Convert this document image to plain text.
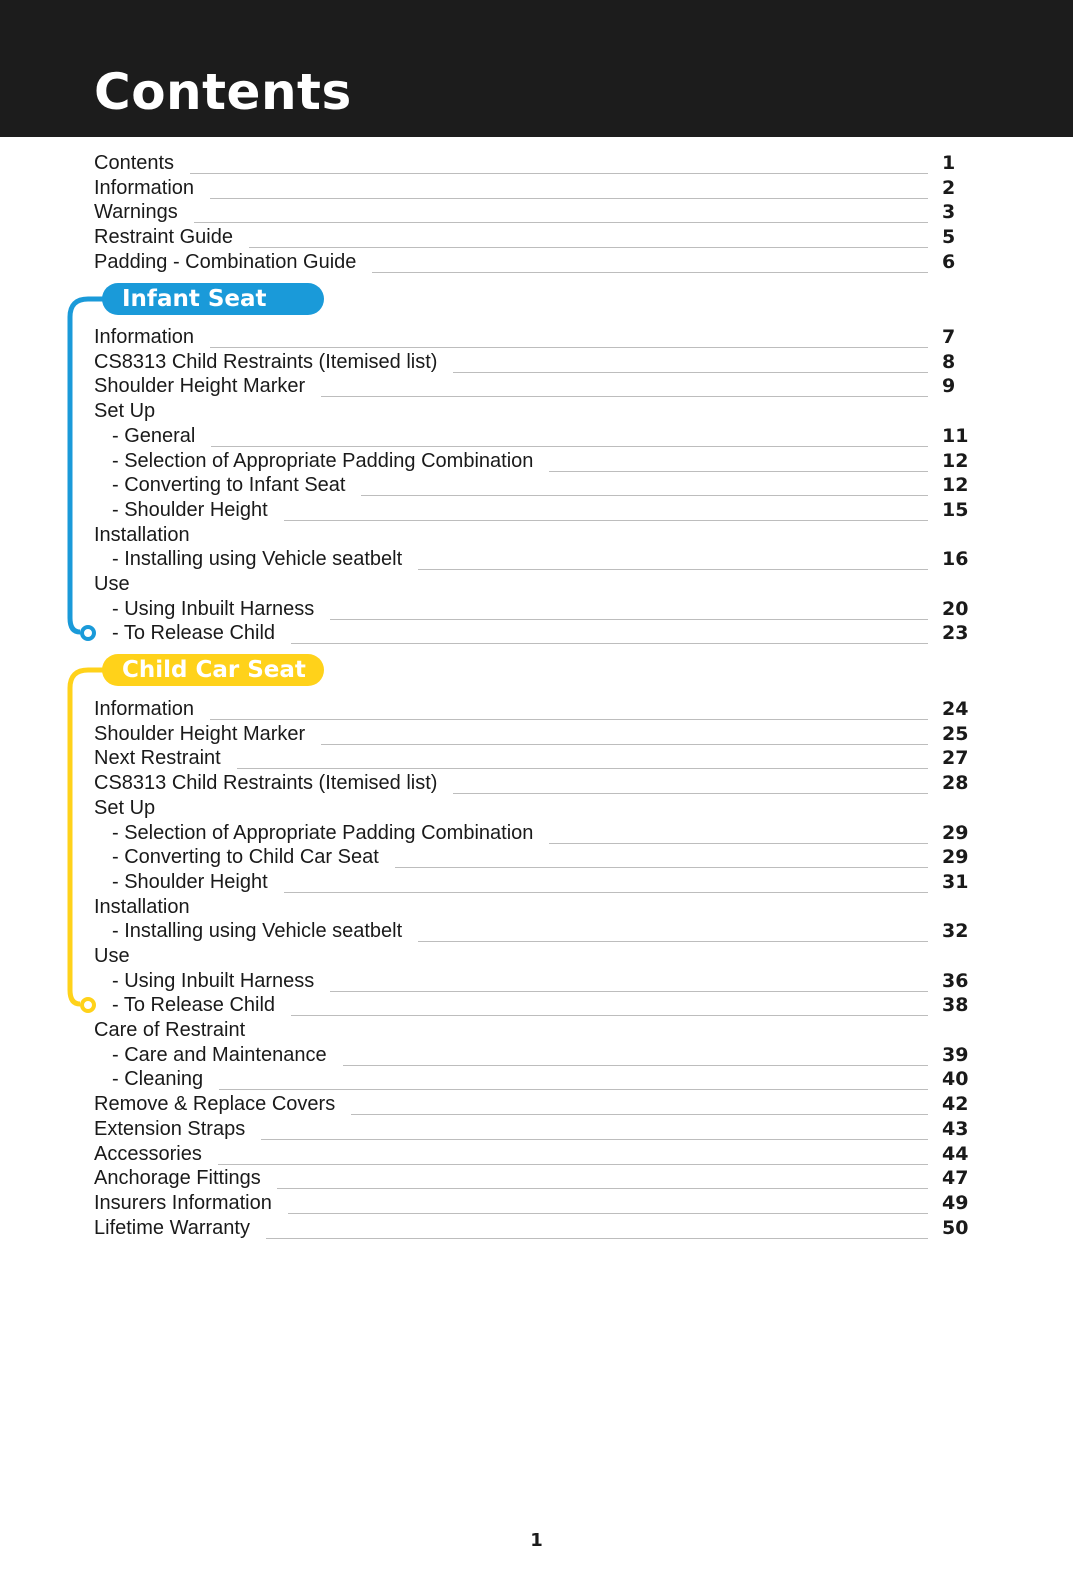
Contents
Infant Seat
Child Car Seat
Contents	1
Information	2
Warnings	3
Restraint Guide	5
Padding - Combination Guide	6
Information	7
CS8313 Child Restraints (Itemised list)	8
Shoulder Height Marker	9
Set Up
- General	11
- Selection of Appropriate Padding Combination	12
- Converting to Infant Seat	12
- Shoulder Height	15
Installation
- Installing using Vehicle seatbelt	16
Use
- Using Inbuilt Harness	20
- To Release Child	23
Information	24
Shoulder Height Marker	25
Next Restraint	27
CS8313 Child Restraints (Itemised list)	28
Set Up
- Selection of Appropriate Padding Combination	29
- Converting to Child Car Seat	29
- Shoulder Height	31
Installation
- Installing using Vehicle seatbelt	32
Use
- Using Inbuilt Harness	36
- To Release Child	38
Care of Restraint
- Care and Maintenance	39
- Cleaning	40
Remove & Replace Covers	42
Extension Straps	43
Accessories	44
Anchorage Fittings	47
Insurers Information	49
Lifetime Warranty	50
1
